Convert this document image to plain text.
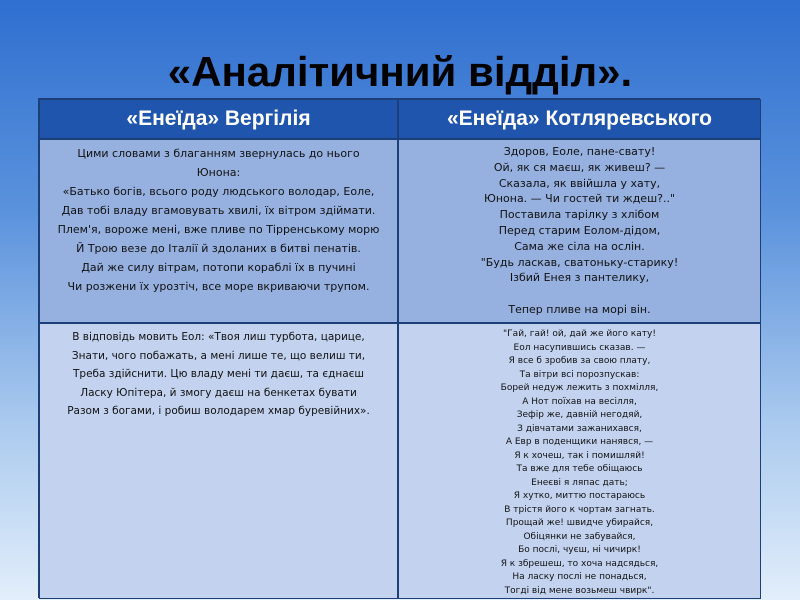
«Аналітичний відділ».
«Енеїда» Вергілія	«Енеїда» Котляревського
Цими словами з благанням звернулась до нього
Юнона:
«Батько богів, всього роду людського володар, Еоле,
Дав тобі владу вгамовувать хвилі, їх вітром здіймати.
Плем'я, вороже мені, вже пливе по Тірренському морю
Й Трою везе до Італії й здоланих в битві пенатів.
Дай же силу вітрам, потопи кораблі їх в пучині
Чи розжени їх урозтіч, все море вкриваючи трупом.
Здоров, Еоле, пане-свату!
Ой, як ся маєш, як живеш? —
Сказала, як ввійшла у хату,
Юнона. — Чи гостей ти ждеш?.."
Поставила тарілку з хлібом
Перед старим Еолом-дідом,
Сама же сіла на ослін.
"Будь ласкав, сватоньку-старику!
Ізбий Енея з пантелику,

Тепер пливе на морі він.
В відповідь мовить Еол: «Твоя лиш турбота, царице,
Знати, чого побажать, а мені лише те, що велиш ти,
Треба здійснити. Цю владу мені ти даєш, та єднаєш
Ласку Юпітера, й змогу даєш на бенкетах бувати
Разом з богами, і робиш володарем хмар буревійних».
"Гай, гай! ой, дай же його кату!
Еол насупившись сказав. —
Я все б зробив за свою плату,
Та вітри всі порозпускав:
Борей недуж лежить з похмілля,
А Нот поїхав на весілля,
Зефір же, давній негодяй,
З дівчатами зажанихався,
А Евр в поденщики нанявся, —
Я к хочеш, так і помишляй!
Та вже для тебе обіщаюсь
Енеєві я ляпас дать;
Я хутко, миттю постараюсь
В трістя його к чортам загнать.
Прощай же! швидче убирайся,
Обіцянки не забувайся,
Бо послі, чуєш, ні чичирк!
Я к збрешеш, то хоча надсядься,
На ласку послі не понадься,
Тогді від мене возьмеш чвирк".
